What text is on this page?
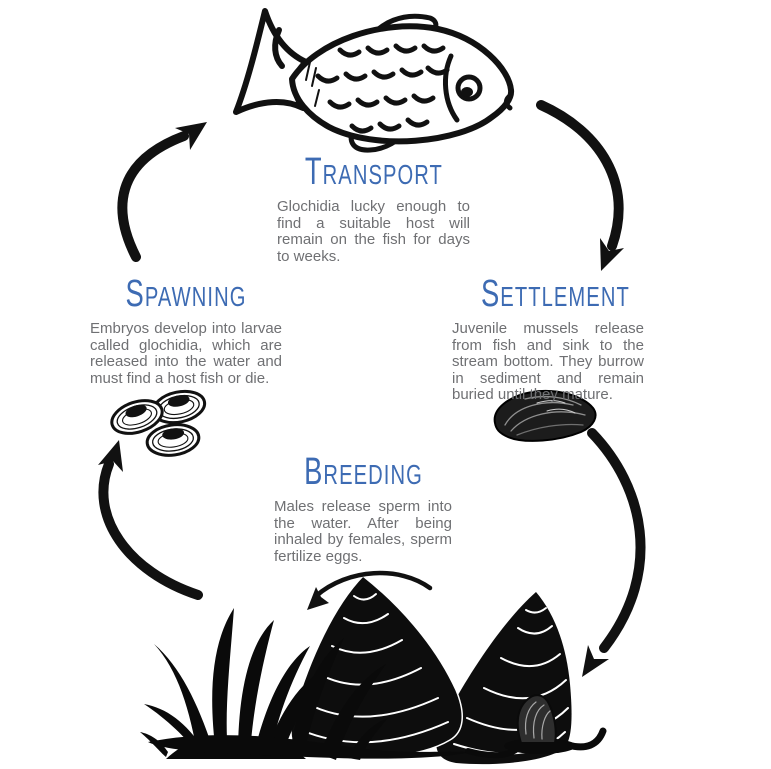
TRANSPORT

Glochidia lucky enough to find a suitable host will remain on the fish for days to weeks.

SPAWNING

Embryos develop into larvae called glochidia, which are released into the water and must find a host fish or die.

SETTLEMENT

Juvenile mussels release from fish and sink to the stream bottom. They burrow in sediment and remain buried until they mature.

BREEDING

Males release sperm into the water. After being inhaled by females, sperm fertilize eggs.
